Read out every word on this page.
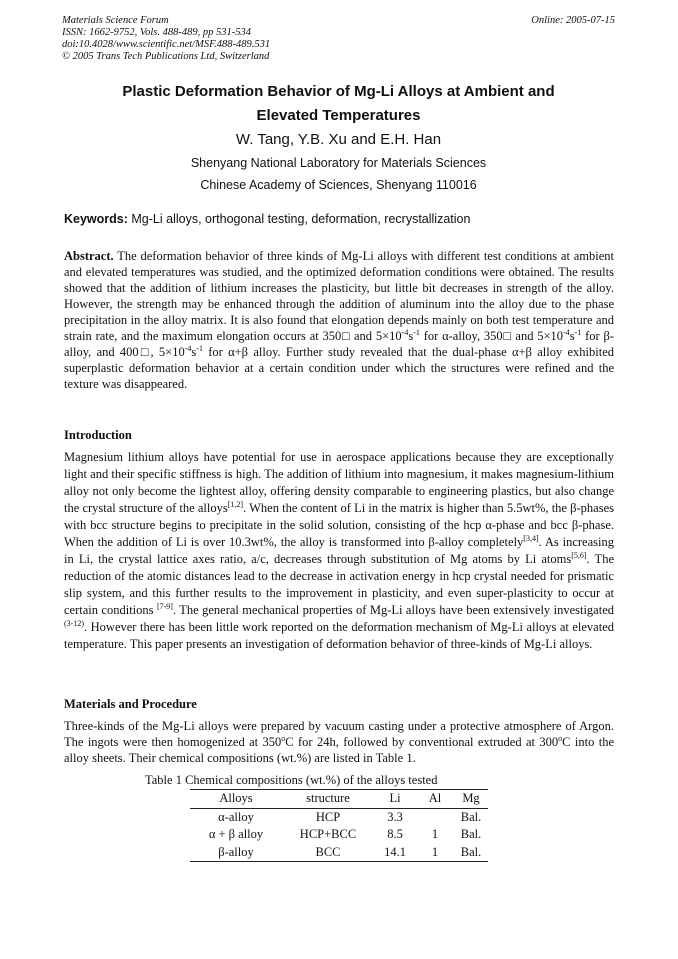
Materials Science Forum
ISSN: 1662-9752, Vols. 488-489, pp 531-534
doi:10.4028/www.scientific.net/MSF.488-489.531
© 2005 Trans Tech Publications Ltd, Switzerland
Online: 2005-07-15
Plastic Deformation Behavior of Mg-Li Alloys at Ambient and
Elevated Temperatures
W. Tang, Y.B. Xu and E.H. Han
Shenyang National Laboratory for Materials Sciences
Chinese Academy of Sciences, Shenyang 110016
Keywords: Mg-Li alloys, orthogonal testing, deformation, recrystallization
Abstract. The deformation behavior of three kinds of Mg-Li alloys with different test conditions at ambient and elevated temperatures was studied, and the optimized deformation conditions were obtained. The results showed that the addition of lithium increases the plasticity, but little bit decreases in strength of the alloy. However, the strength may be enhanced through the addition of aluminum into the alloy due to the phase precipitation in the alloy matrix. It is also found that elongation depends mainly on both test temperature and strain rate, and the maximum elongation occurs at 350□ and $5\times 10^{-4}s^{-1}$ for α-alloy, 350□ and $5\times 10^{-4}s^{-1}$ for β-alloy, and 400□, $5\times 10^{-4}s^{-1}$ for α+β alloy. Further study revealed that the dual-phase α+β alloy exhibited superplastic deformation behavior at a certain condition under which the structures were refined and the texture was disappeared.
Introduction
Magnesium lithium alloys have potential for use in aerospace applications because they are exceptionally light and their specific stiffness is high. The addition of lithium into magnesium, it makes magnesium-lithium alloy not only become the lightest alloy, offering density comparable to engineering plastics, but also change the crystal structure of the alloys[1,2]. When the content of Li in the matrix is higher than 5.5wt%, the β-phases with bcc structure begins to precipitate in the solid solution, consisting of the hcp α-phase and bcc β-phase. When the addition of Li is over 10.3wt%, the alloy is transformed into β-alloy completely[3,4]. As increasing in Li, the crystal lattice axes ratio, a/c, decreases through substitution of Mg atoms by Li atoms[5,6]. The reduction of the atomic distances lead to the decrease in activation energy in hcp crystal needed for prismatic slip system, and this further results to the improvement in plasticity, and even super-plasticity to occur at certain conditions [7-9]. The general mechanical properties of Mg-Li alloys have been extensively investigated $^{(3-12)}$. However there has been little work reported on the deformation mechanism of Mg-Li alloys at elevated temperature. This paper presents an investigation of deformation behavior of three-kinds of Mg-Li alloys.
Materials and Procedure
Three-kinds of the Mg-Li alloys were prepared by vacuum casting under a protective atmosphere of Argon. The ingots were then homogenized at 350$^o$C for 24h, followed by conventional extruded at 300$^o$C into the alloy sheets. Their chemical compositions (wt.%) are listed in Table 1.
Table 1 Chemical compositions (wt.%) of the alloys tested
Alloys	structure	Li	Al	Mg
α-alloy	HCP	3.3		Bal.
α + β alloy	HCP+BCC	8.5	1	Bal.
β-alloy	BCC	14.1	1	Bal.
